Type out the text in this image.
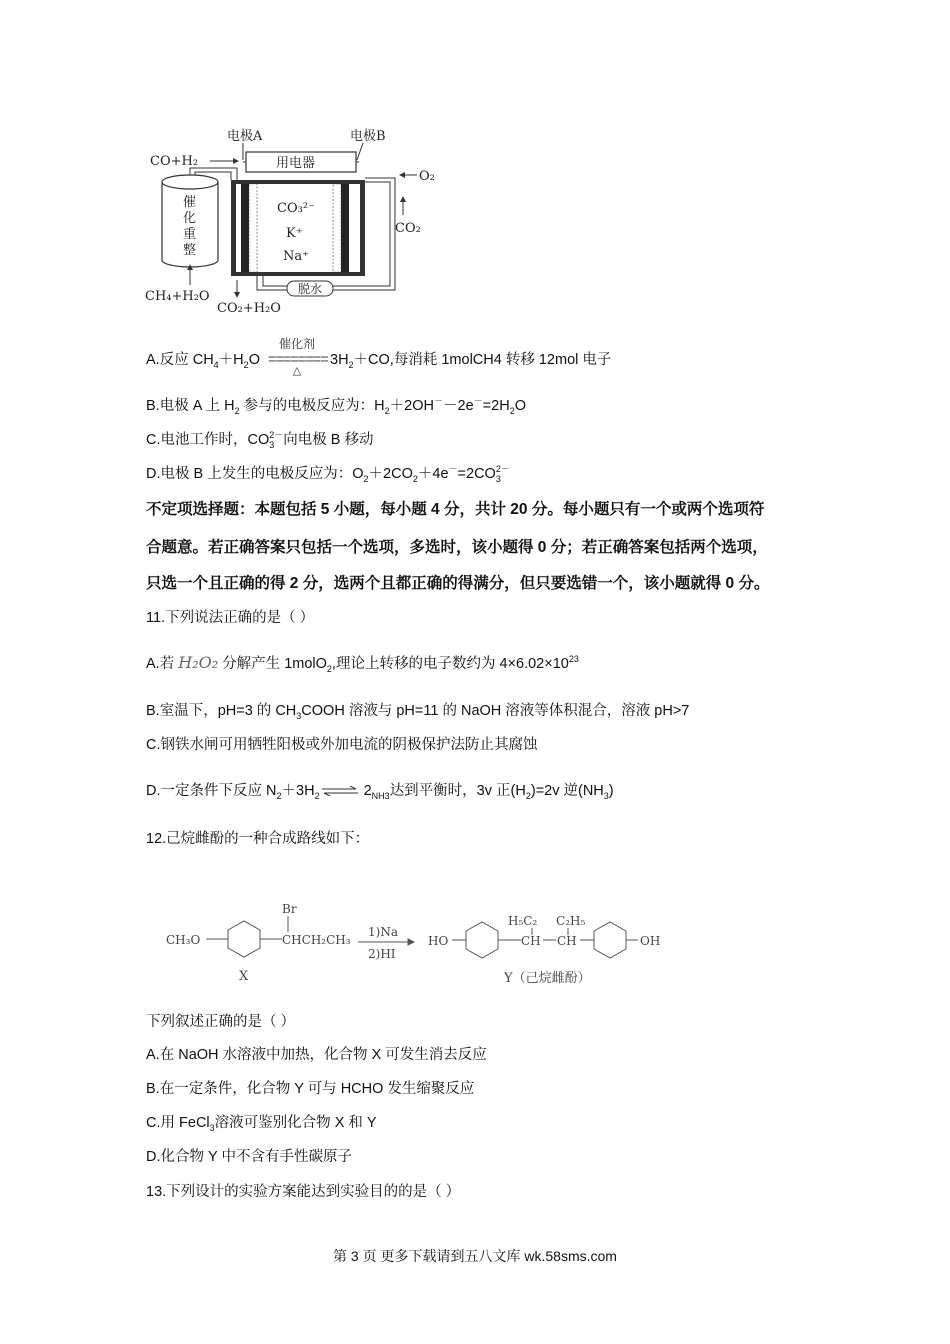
电极A	电极B
CO+H₂	用电器
催
化
重
整
CH₄+H₂O
CO₃²⁻
K⁺
Na⁺
O₂
CO₂
脱水
CO₂+H₂O
A.反应 $CH_4+H_2O$
催化剂
========
△
$3H_2+CO$,每消耗 1molCH4 转移 12mol 电子
B.电极 A 上 $H_2$ 参与的电极反应为：$H_2+2OH^--2e^-=2H_2O$
C.电池工作时，$CO_3^{2-}$向电极 B 移动
D.电极 B 上发生的电极反应为：$O_2+2CO_2+4e^-=2CO_3^{2-}$
不定项选择题：本题包括 5 小题，每小题 4 分，共计 20 分。每小题只有一个或两个选项符
合题意。若正确答案只包括一个选项，多选时，该小题得 0 分；若正确答案包括两个选项，
只选一个且正确的得 2 分，选两个且都正确的得满分，但只要选错一个，该小题就得 0 分。
11.下列说法正确的是（ ）
A.若 H₂O₂ 分解产生 1molO$_2$,理论上转移的电子数约为 $4\times 6.02\times 10^{23}$
B.室温下，pH=3 的 $CH_3COOH$ 溶液与 pH=11 的 NaOH 溶液等体积混合，溶液 pH>7
C.钢铁水闸可用牺牲阳极或外加电流的阴极保护法防止其腐蚀
D.一定条件下反应 $N_2+3H_2$ ⇌ $2_{NH3}$达到平衡时，3v 正$(H_2)=2v$ 逆$(NH_3)$
12.己烷雌酚的一种合成路线如下：
CH₃O
Br
CHCH₂CH₃
X
1)Na
2)HI
HO
H₅C₂ C₂H₅
CH CH	OH
Y（己烷雌酚）
下列叙述正确的是（ ）
A.在 NaOH 水溶液中加热，化合物 X 可发生消去反应
B.在一定条件，化合物 Y 可与 HCHO 发生缩聚反应
C.用 FeCl$_3$溶液可鉴别化合物 X 和 Y
D.化合物 Y 中不含有手性碳原子
13.下列设计的实验方案能达到实验目的的是（ ）
第 3 页 更多下载请到五八文库 wk.58sms.com
